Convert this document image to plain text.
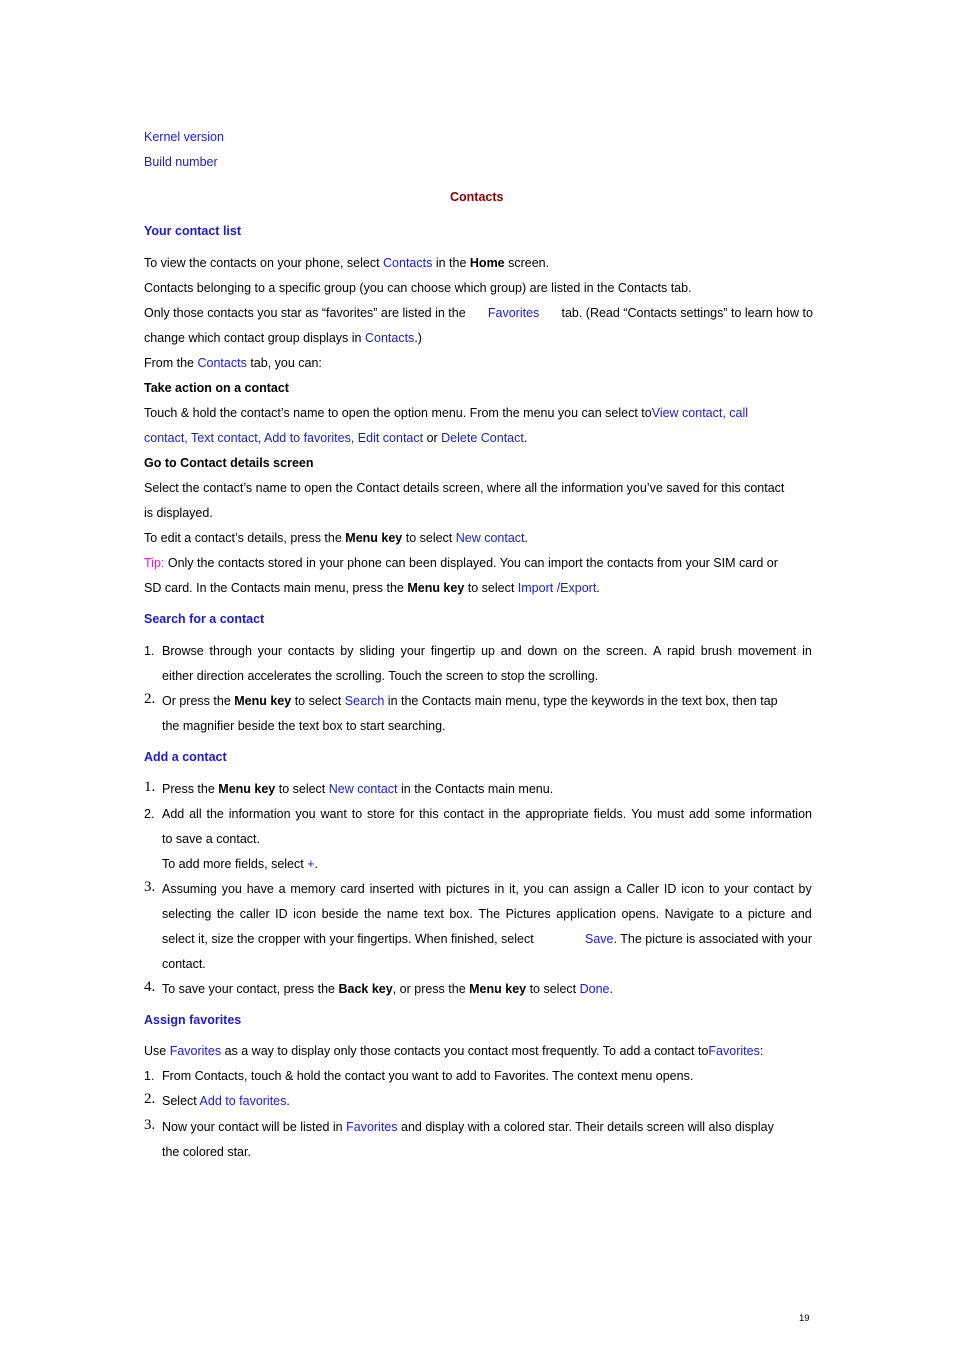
Kernel version
Build number
Contacts
Your contact list
To view the contacts on your phone, select Contacts in the Home screen.
Contacts belonging to a specific group (you can choose which group) are listed in the Contacts tab.
Only those contacts you star as “favorites” are listed in the Favorites tab. (Read “Contacts settings” to learn how to
change which contact group displays in Contacts.)
From the Contacts tab, you can:
Take action on a contact
Touch & hold the contact’s name to open the option menu. From the menu you can select toView contact, call
contact, Text contact, Add to favorites, Edit contact or Delete Contact.
Go to Contact details screen
Select the contact’s name to open the Contact details screen, where all the information you’ve saved for this contact
is displayed.
To edit a contact’s details, press the Menu key to select New contact.
Tip: Only the contacts stored in your phone can been displayed. You can import the contacts from your SIM card or
SD card. In the Contacts main menu, press the Menu key to select Import /Export.
Search for a contact
1. Browse through your contacts by sliding your fingertip up and down on the screen. A rapid brush movement in
either direction accelerates the scrolling. Touch the screen to stop the scrolling.
2. Or press the Menu key to select Search in the Contacts main menu, type the keywords in the text box, then tap
the magnifier beside the text box to start searching.
Add a contact
1. Press the Menu key to select New contact in the Contacts main menu.
2. Add all the information you want to store for this contact in the appropriate fields. You must add some information
to save a contact.
To add more fields, select +.
3. Assuming you have a memory card inserted with pictures in it, you can assign a Caller ID icon to your contact by
selecting the caller ID icon beside the name text box. The Pictures application opens. Navigate to a picture and
select it, size the cropper with your fingertips. When finished, select	Save. The picture is associated with your
contact.
4. To save your contact, press the Back key, or press the Menu key to select Done.
Assign favorites
Use Favorites as a way to display only those contacts you contact most frequently. To add a contact toFavorites:
1. From Contacts, touch & hold the contact you want to add to Favorites. The context menu opens.
2. Select Add to favorites.
3. Now your contact will be listed in Favorites and display with a colored star. Their details screen will also display
the colored star.
19
